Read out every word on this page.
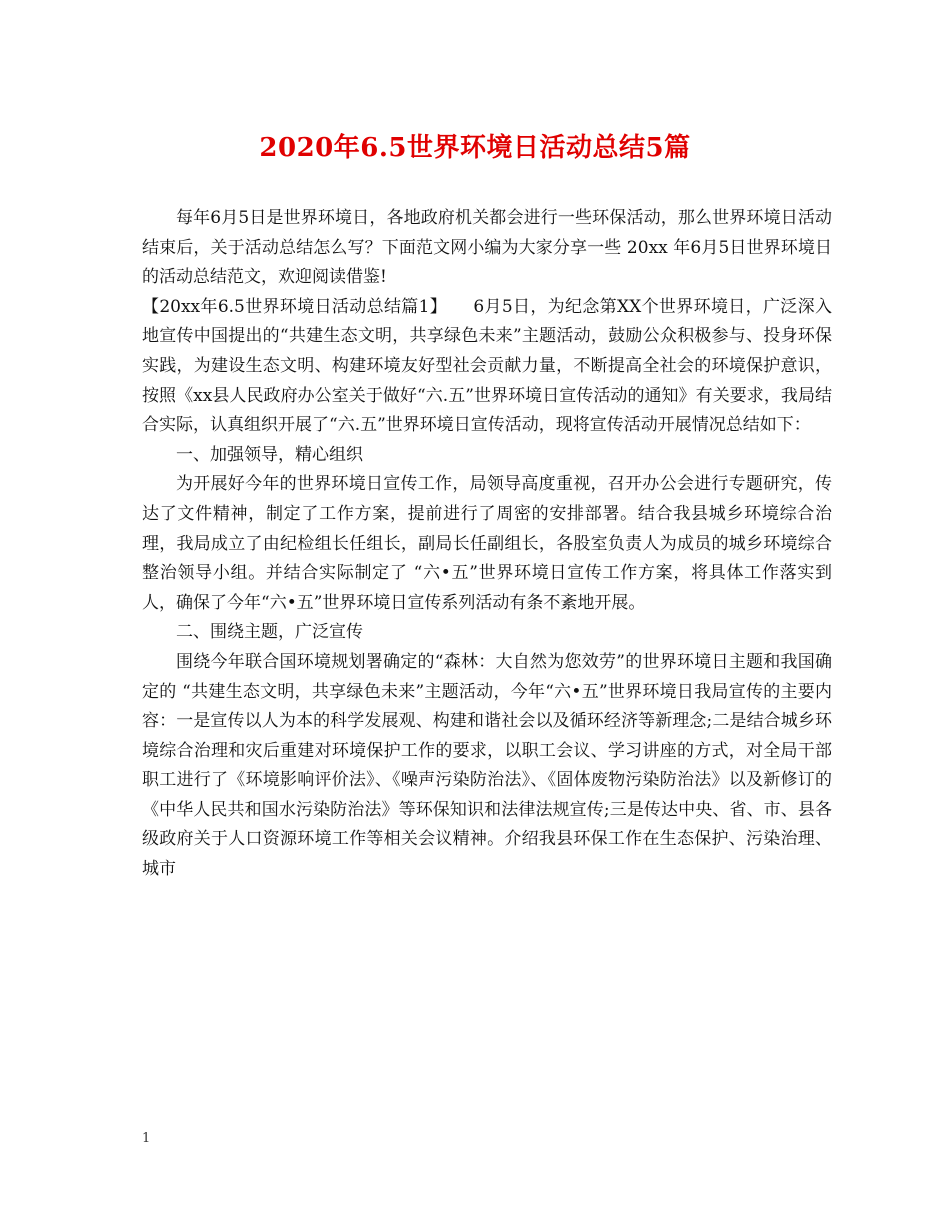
2020年6.5世界环境日活动总结5篇

每年6月5日是世界环境日，各地政府机关都会进行一些环保活动，那么世界环境日活动结束后，关于活动总结怎么写？下面范文网小编为大家分享一些 20xx 年6月5日世界环境日的活动总结范文，欢迎阅读借鉴!

【20xx年6.5世界环境日活动总结篇1】　　6月5日，为纪念第XX个世界环境日，广泛深入地宣传中国提出的“共建生态文明，共享绿色未来”主题活动，鼓励公众积极参与、投身环保实践，为建设生态文明、构建环境友好型社会贡献力量，不断提高全社会的环境保护意识，按照《xx县人民政府办公室关于做好“六.五”世界环境日宣传活动的通知》有关要求，我局结合实际，认真组织开展了“六.五”世界环境日宣传活动，现将宣传活动开展情况总结如下：

一、加强领导，精心组织

为开展好今年的世界环境日宣传工作，局领导高度重视，召开办公会进行专题研究，传达了文件精神，制定了工作方案，提前进行了周密的安排部署。结合我县城乡环境综合治理，我局成立了由纪检组长任组长，副局长任副组长，各股室负责人为成员的城乡环境综合整治领导小组。并结合实际制定了 “六•五”世界环境日宣传工作方案，将具体工作落实到人，确保了今年“六•五”世界环境日宣传系列活动有条不紊地开展。

二、围绕主题，广泛宣传

围绕今年联合国环境规划署确定的“森林：大自然为您效劳”的世界环境日主题和我国确定的 “共建生态文明，共享绿色未来”主题活动，今年“六•五”世界环境日我局宣传的主要内容：一是宣传以人为本的科学发展观、构建和谐社会以及循环经济等新理念;二是结合城乡环境综合治理和灾后重建对环境保护工作的要求，以职工会议、学习讲座的方式，对全局干部职工进行了《环境影响评价法》、《噪声污染防治法》、《固体废物污染防治法》以及新修订的《中华人民共和国水污染防治法》等环保知识和法律法规宣传;三是传达中央、省、市、县各级政府关于人口资源环境工作等相关会议精神。介绍我县环保工作在生态保护、污染治理、城市

1
